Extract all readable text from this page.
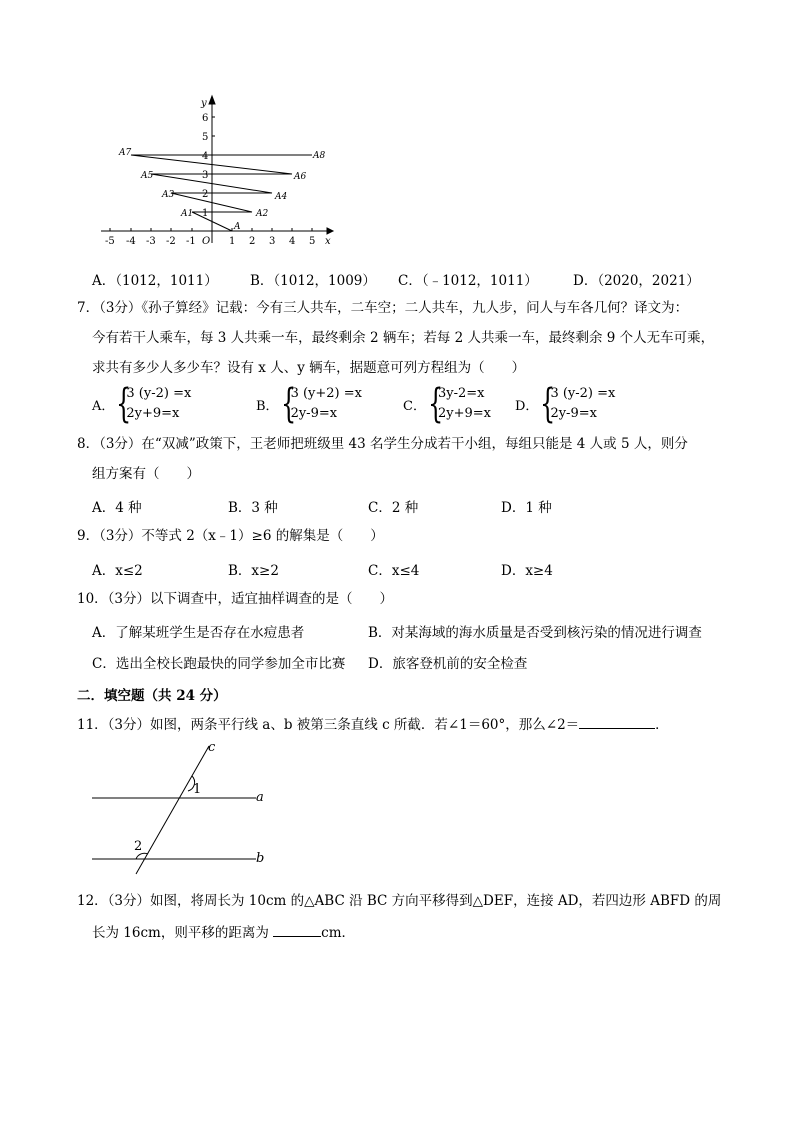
1
2
3
4
5
6
-5 -4 -3 -2 -1	1 2 3 4 5
O	x
y
A
A1	A2
A3	A4
A5	A6
A7	A8
A．（1012，1011） B．（1012，1009） C．（﹣1012，1011）	D．（2020，2021）
7．（3分）《孙子算经》记载：今有三人共车，二车空；二人共车，九人步，问人与车各几何？译文为：
今有若干人乘车，每 3 人共乘一车，最终剩余 2 辆车；若每 2 人共乘一车，最终剩余 9 个人无车可乘，
求共有多少人多少车？设有 x 人、y 辆车，据题意可列方程组为（　　）
A． {
3 (y-2) =x
2y+9=x	B． {
3 (y+2) =x
2y-9=x	C． {
3y-2=x
2y+9=x D． {
3 (y-2) =x
2y-9=x
8．（3分）在“双减”政策下，王老师把班级里 43 名学生分成若干小组，每组只能是 4 人或 5 人，则分
组方案有（　　）
A．4 种	B．3 种	C．2 种	D．1 种
9．（3分）不等式 2（x﹣1）≥6 的解集是（　　）
A．x≤2	B．x≥2	C．x≤4	D．x≥4
10．（3分）以下调查中，适宜抽样调查的是（　　）
A．了解某班学生是否存在水痘患者	B．对某海域的海水质量是否受到核污染的情况进行调查
C．选出全校长跑最快的同学参加全市比赛 D．旅客登机前的安全检查
二．填空题（共 24 分）
11．（3分）如图，两条平行线 a、b 被第三条直线 c 所截．若∠1＝60°，那么∠2＝	．
c
1
a
2
b
12．（3分）如图，将周长为 10cm 的△ABC 沿 BC 方向平移得到△DEF，连接 AD，若四边形 ABFD 的周
长为 16cm，则平移的距离为	cm．
